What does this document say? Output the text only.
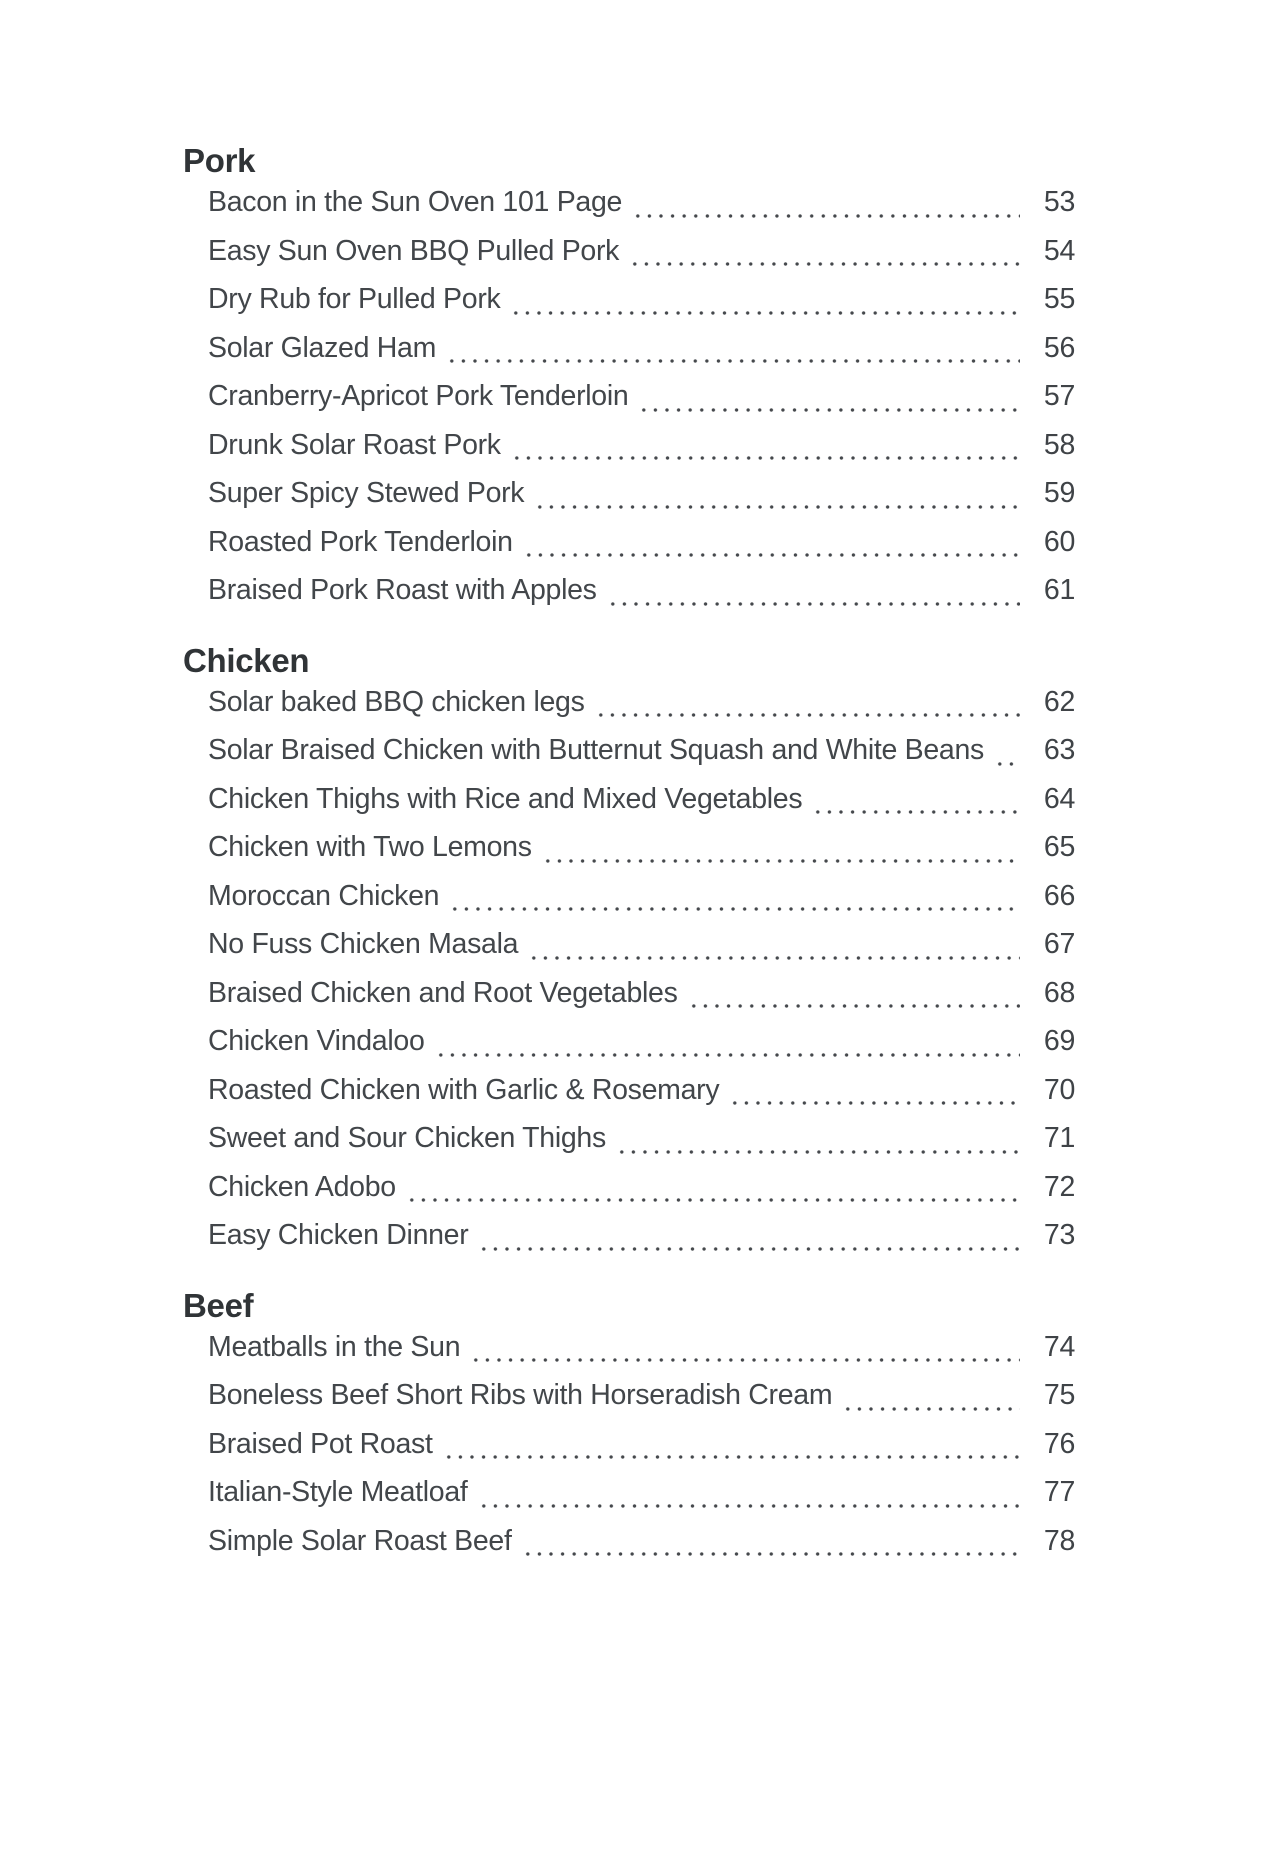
Pork
Bacon in the Sun Oven 101 Page	53
Easy Sun Oven BBQ Pulled Pork	54
Dry Rub for Pulled Pork	55
Solar Glazed Ham	56
Cranberry-Apricot Pork Tenderloin	57
Drunk Solar Roast Pork	58
Super Spicy Stewed Pork	59
Roasted Pork Tenderloin	60
Braised Pork Roast with Apples	61
Chicken
Solar baked BBQ chicken legs	62
Solar Braised Chicken with Butternut Squash and White Beans	63
Chicken Thighs with Rice and Mixed Vegetables	64
Chicken with Two Lemons	65
Moroccan Chicken	66
No Fuss Chicken Masala	67
Braised Chicken and Root Vegetables	68
Chicken Vindaloo	69
Roasted Chicken with Garlic & Rosemary	70
Sweet and Sour Chicken Thighs	71
Chicken Adobo	72
Easy Chicken Dinner	73
Beef
Meatballs in the Sun	74
Boneless Beef Short Ribs with Horseradish Cream	75
Braised Pot Roast	76
Italian-Style Meatloaf	77
Simple Solar Roast Beef	78
